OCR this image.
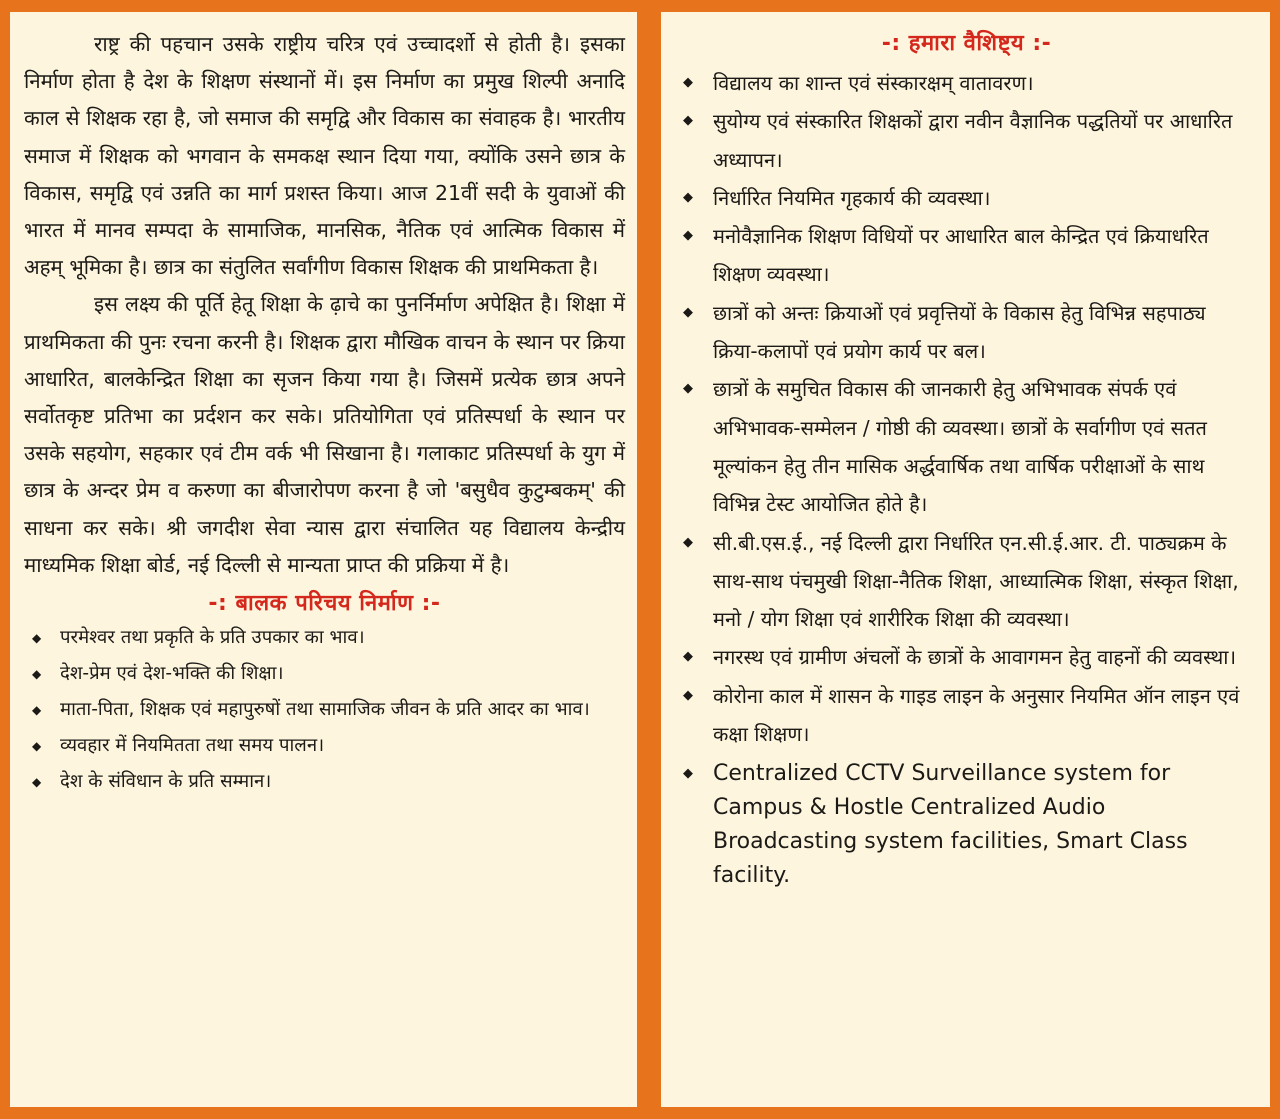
राष्ट्र की पहचान उसके राष्ट्रीय चरित्र एवं उच्चादर्शो से होती है। इसका निर्माण होता है देश के शिक्षण संस्थानों में। इस निर्माण का प्रमुख शिल्पी अनादि काल से शिक्षक रहा है, जो समाज की समृद्वि और विकास का संवाहक है। भारतीय समाज में शिक्षक को भगवान के समकक्ष स्थान दिया गया, क्योंकि उसने छात्र के विकास, समृद्वि एवं उन्नति का मार्ग प्रशस्त किया। आज 21वीं सदी के युवाओं की भारत में मानव सम्पदा के सामाजिक, मानसिक, नैतिक एवं आत्मिक विकास में अहम् भूमिका है। छात्र का संतुलित सर्वांगीण विकास शिक्षक की प्राथमिकता है।

इस लक्ष्य की पूर्ति हेतू शिक्षा के ढ़ाचे का पुनर्निर्माण अपेक्षित है। शिक्षा में प्राथमिकता की पुनः रचना करनी है। शिक्षक द्वारा मौखिक वाचन के स्थान पर क्रिया आधारित, बालकेन्द्रित शिक्षा का सृजन किया गया है। जिसमें प्रत्येक छात्र अपने सर्वोतकृष्ट प्रतिभा का प्रर्दशन कर सके। प्रतियोगिता एवं प्रतिस्पर्धा के स्थान पर उसके सहयोग, सहकार एवं टीम वर्क भी सिखाना है। गलाकाट प्रतिस्पर्धा के युग में छात्र के अन्दर प्रेम व करुणा का बीजारोपण करना है जो 'बसुधैव कुटुम्बकम्' की साधना कर सके। श्री जगदीश सेवा न्यास द्वारा संचालित यह विद्यालय केन्द्रीय माध्यमिक शिक्षा बोर्ड, नई दिल्ली से मान्यता प्राप्त की प्रक्रिया में है।

-: बालक परिचय निर्माण :-
◆ परमेश्वर तथा प्रकृति के प्रति उपकार का भाव।
◆ देश-प्रेम एवं देश-भक्ति की शिक्षा।
◆ माता-पिता, शिक्षक एवं महापुरुषों तथा सामाजिक जीवन के प्रति आदर का भाव।
◆ व्यवहार में नियमितता तथा समय पालन।
◆ देश के संविधान के प्रति सम्मान।
-: हमारा वैशिष्ट्य :-
◆ विद्यालय का शान्त एवं संस्कारक्षम् वातावरण।
◆ सुयोग्य एवं संस्कारित शिक्षकों द्वारा नवीन वैज्ञानिक पद्धतियों पर आधारित अध्यापन।
◆ निर्धारित नियमित गृहकार्य की व्यवस्था।
◆ मनोवैज्ञानिक शिक्षण विधियों पर आधारित बाल केन्द्रित एवं क्रियाधरित शिक्षण व्यवस्था।
◆ छात्रों को अन्तः क्रियाओं एवं प्रवृत्तियों के विकास हेतु विभिन्न सहपाठ्य क्रिया-कलापों एवं प्रयोग कार्य पर बल।
◆ छात्रों के समुचित विकास की जानकारी हेतु अभिभावक संपर्क एवं अभिभावक-सम्मेलन / गोष्ठी की व्यवस्था। छात्रों के सर्वागीण एवं सतत मूल्यांकन हेतु तीन मासिक अर्द्धवार्षिक तथा वार्षिक परीक्षाओं के साथ विभिन्न टेस्ट आयोजित होते है।
◆ सी.बी.एस.ई., नई दिल्ली द्वारा निर्धारित एन.सी.ई.आर. टी. पाठ्यक्रम के साथ-साथ पंचमुखी शिक्षा-नैतिक शिक्षा, आध्यात्मिक शिक्षा, संस्कृत शिक्षा, मनो / योग शिक्षा एवं शारीरिक शिक्षा की व्यवस्था।
◆ नगरस्थ एवं ग्रामीण अंचलों के छात्रों के आवागमन हेतु वाहनों की व्यवस्था।
◆ कोरोना काल में शासन के गाइड लाइन के अनुसार नियमित ऑन लाइन एवं कक्षा शिक्षण।
◆ Centralized CCTV Surveillance system for Campus & Hostle Centralized Audio Broadcasting system facilities, Smart Class facility.
